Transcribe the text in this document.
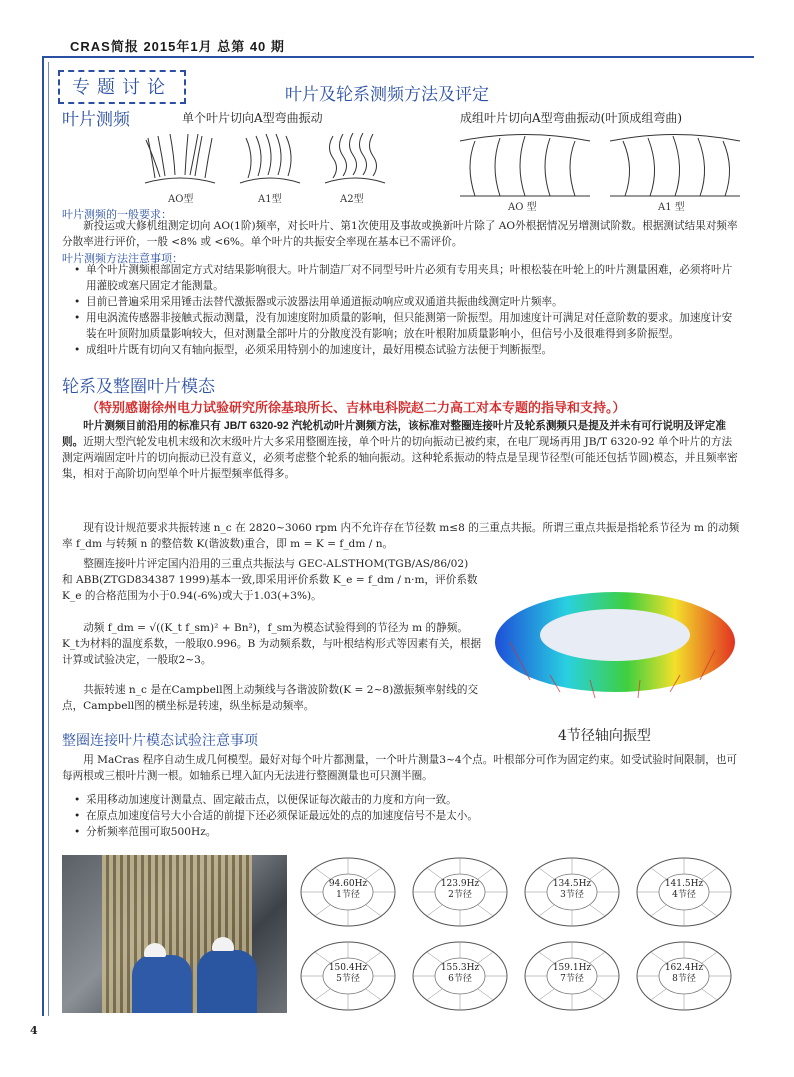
CRAS简报 2015年1月 总第 40 期
专题讨论	叶片及轮系测频方法及评定
叶片测频	单个叶片切向A型弯曲振动	成组叶片切向A型弯曲振动(叶顶成组弯曲)
AO型	A1型	A2型
AO 型	A1 型
叶片测频的一般要求：
新投运或大修机组测定切向 AO(1阶)频率，对长叶片、第1次使用及事故或换新叶片除了 AO外根据情况另增测试阶数。根据测试结果对频率分散率进行评价，一般 <8% 或 <6%。单个叶片的共振安全率现在基本已不需评价。
叶片测频方法注意事项：
• 单个叶片测频根部固定方式对结果影响很大。叶片制造厂对不同型号叶片必须有专用夹具；叶根松装在叶轮上的叶片测量困难，必须将叶片用灌胶或塞尺固定才能测量。
• 目前已普遍采用采用锤击法替代激振器或示波器法用单通道振动响应或双通道共振曲线测定叶片频率。
• 用电涡流传感器非接触式振动测量，没有加速度附加质量的影响，但只能测第一阶振型。用加速度计可满足对任意阶数的要求。加速度计安装在叶顶附加质量影响较大，但对测量全部叶片的分散度没有影响；放在叶根附加质量影响小，但信号小及很难得到多阶振型。
• 成组叶片既有切向又有轴向振型，必须采用特别小的加速度计，最好用模态试验方法便于判断振型。
轮系及整圈叶片模态
（特别感谢徐州电力试验研究所徐基琅所长、吉林电科院赵二力高工对本专题的指导和支持。）
叶片测频目前沿用的标准只有 JB/T 6320-92 汽轮机动叶片测频方法，该标准对整圈连接叶片及轮系测频只是提及并未有可行说明及评定准则。近期大型汽轮发电机末级和次末级叶片大多采用整圈连接，单个叶片的切向振动已被约束，在电厂现场再用 JB/T 6320-92 单个叶片的方法测定两端固定叶片的切向振动已没有意义，必须考虑整个轮系的轴向振动。这种轮系振动的特点是呈现节径型(可能还包括节圆)模态，并且频率密集，相对于高阶切向型单个叶片振型频率低得多。
现有设计规范要求共振转速 n_c 在 2820~3060 rpm 内不允许存在节径数 m≤8 的三重点共振。所谓三重点共振是指轮系节径为 m 的动频率 f_dm 与转频 n 的整倍数 K(谐波数)重合，即 m = K = f_dm / n。
整圈连接叶片评定国内沿用的三重点共振法与 GEC-ALSTHOM(TGB/AS/86/02) 和 ABB(ZTGD834387 1999)基本一致,即采用评价系数 K_e = f_dm / n·m，评价系数 K_e 的合格范围为小于0.94(-6%)或大于1.03(+3%)。
动频 f_dm = √((K_t f_sm)² + Bn²)，f_sm为模态试验得到的节径为 m 的静频。K_t为材料的温度系数，一般取0.996。B 为动频系数，与叶根结构形式等因素有关，根据计算或试验决定，一般取2~3。
共振转速 n_c 是在Campbell图上动频线与各谐波阶数(K = 2~8)激振频率射线的交点，Campbell图的横坐标是转速，纵坐标是动频率。
4节径轴向振型
整圈连接叶片模态试验注意事项
用 MaCras 程序自动生成几何模型。最好对每个叶片都测量，一个叶片测量3~4个点。叶根部分可作为固定约束。如受试验时间限制，也可每两根或三根叶片测一根。如轴系已埋入缸内无法进行整圈测量也可只测半圈。
• 采用移动加速度计测量点、固定敲击点，以便保证每次敲击的力度和方向一致。
• 在原点加速度信号大小合适的前提下还必须保证最远处的点的加速度信号不是太小。
• 分析频率范围可取500Hz。
94.60Hz
1节径
123.9Hz
2节径
134.5Hz
3节径
141.5Hz
4节径
150.4Hz
5节径
155.3Hz
6节径
159.1Hz
7节径
162.4Hz
8节径
4
